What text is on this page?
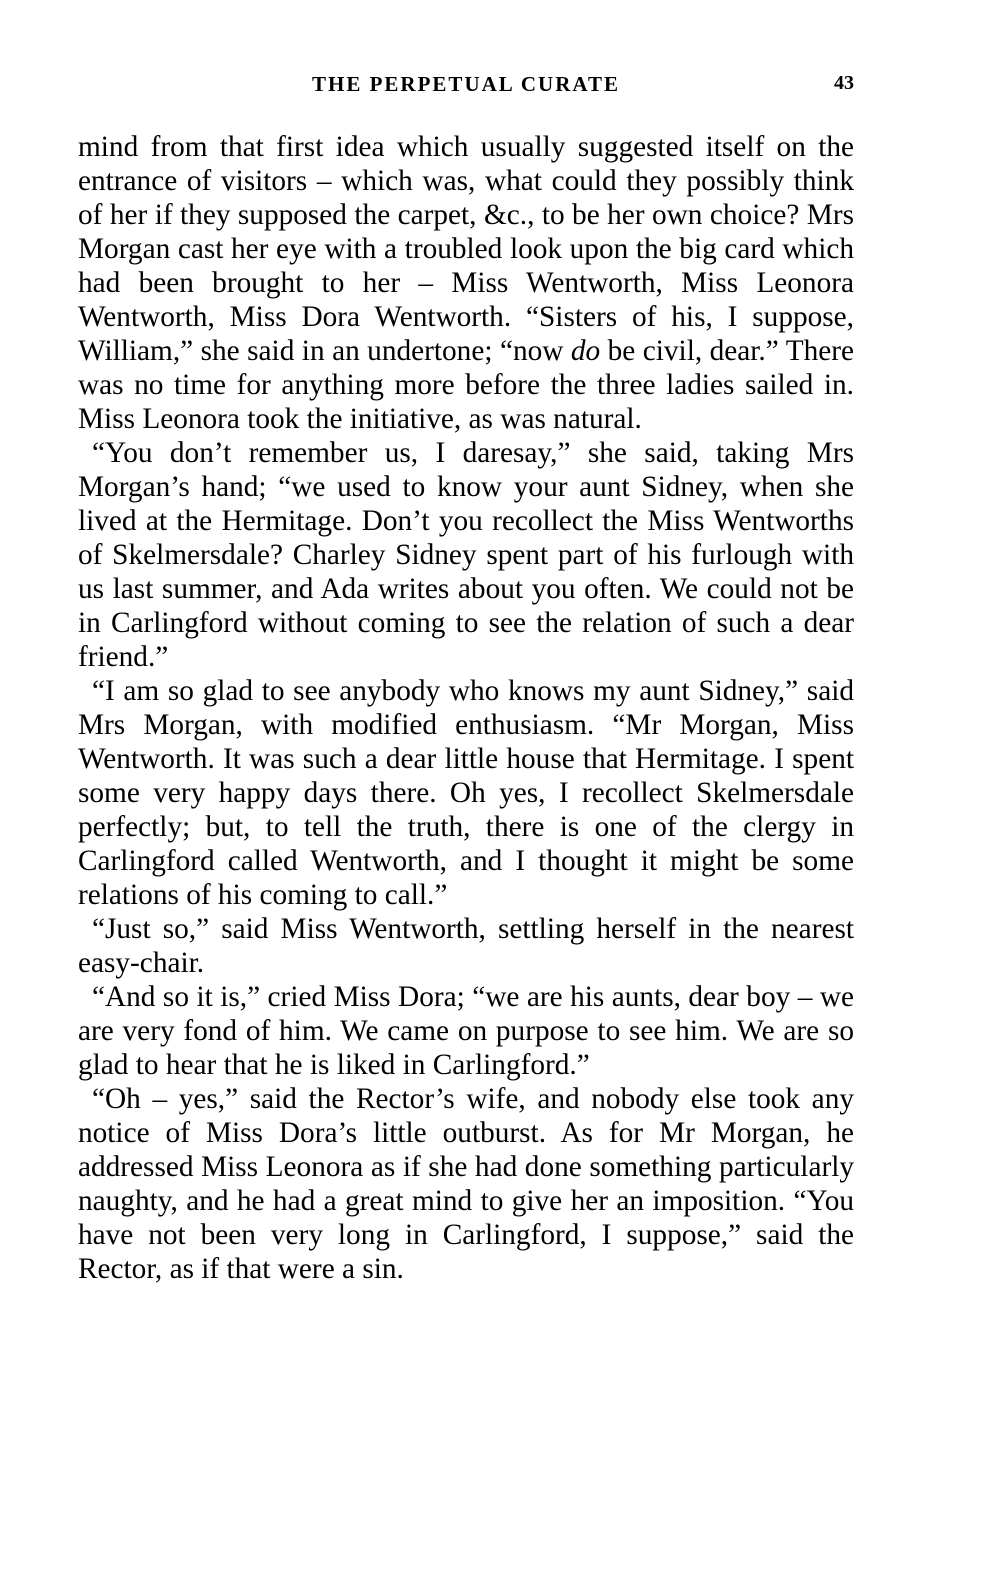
THE PERPETUAL CURATE	43

mind from that first idea which usually suggested itself on the entrance of visitors – which was, what could they possibly think of her if they supposed the carpet, &c., to be her own choice? Mrs Morgan cast her eye with a troubled look upon the big card which had been brought to her – Miss Wentworth, Miss Leonora Wentworth, Miss Dora Wentworth. “Sisters of his, I suppose, William,” she said in an undertone; “now do be civil, dear.” There was no time for anything more before the three ladies sailed in. Miss Leonora took the initiative, as was natural.

“You don’t remember us, I daresay,” she said, taking Mrs Morgan’s hand; “we used to know your aunt Sidney, when she lived at the Hermitage. Don’t you recollect the Miss Wentworths of Skelmersdale? Charley Sidney spent part of his furlough with us last summer, and Ada writes about you often. We could not be in Carlingford without coming to see the relation of such a dear friend.”

“I am so glad to see anybody who knows my aunt Sidney,” said Mrs Morgan, with modified enthusiasm. “Mr Morgan, Miss Wentworth. It was such a dear little house that Hermitage. I spent some very happy days there. Oh yes, I recollect Skelmersdale perfectly; but, to tell the truth, there is one of the clergy in Carlingford called Wentworth, and I thought it might be some relations of his coming to call.”

“Just so,” said Miss Wentworth, settling herself in the nearest easy-chair.

“And so it is,” cried Miss Dora; “we are his aunts, dear boy – we are very fond of him. We came on purpose to see him. We are so glad to hear that he is liked in Carlingford.”

“Oh – yes,” said the Rector’s wife, and nobody else took any notice of Miss Dora’s little outburst. As for Mr Morgan, he addressed Miss Leonora as if she had done something particularly naughty, and he had a great mind to give her an imposition. “You have not been very long in Carlingford, I suppose,” said the Rector, as if that were a sin.
